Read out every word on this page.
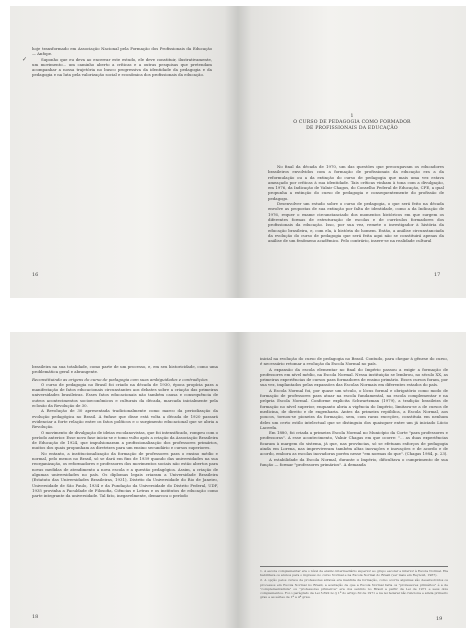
hoje transformado em Associação Nacional pela Formação dos Profissionais da Educação — Anfope.

Suponho que eu deva ao encerrar este estudo, ele deve constituir, ilustrativamente, um movimento... um caminho aberto a críticas e a outras pesquisas que pretendam acompanhar a nossa trajetória no busco progressiva da identidade da pedagogia e da pedagogia e na luta pela valorização social e econômica dos profissionais da educação.

✓
16
1
O CURSO DE PEDAGOGIA COMO FORMADOR
DE PROFISSIONAIS DA EDUCAÇÃO

No final da década de 1970, um das questões que preocupavam os educadores brasileiros envolvidos com a formação de profissionais da educação era a da reformulação ou a da extinção do curso de pedagogia que mais uma vez estava ameaçado por críticas à sua identidade. Tais críticas vinham à tona com a divulgação, em 1976, da Indicação de Valnir Chagos, do Conselho Federal de Educação, CFE, a qual propunha a extinção do curso de pedagogia e consequentemente do profissão de pedagogo.

Desenvolver um estudo sobre o curso de pedagogia, o que será feito na década envolve as propostas de sua extinção por falta de identidade, como a da Indicação de 1976, requer o exame circunstanciado dos momentos históricos em que surgem os diferentes formas de estruturação de escolas e de currículos formadores dos profissionais da educação. Isso, por sua vez, remete o investigador à história da educação brasileira, e, com ela, à história do homem. Então, a análise circunstanciada da evolução do curso de pedagogia que será feita aqui não se constituirá apenas da análise de um fenômeno acadêmico. Pelo contrário, insere-se na realidade cultural

17

brasileira na sua totalidade, como parte de um processo, e, em seu historicidade, como uma problemática geral e abrangente.

Reconstituindo as origens do curso de pedagogia com suas ambiguidades e contradições

O curso de pedagogia no Brasil foi criado na década de 1930, época propícia para a manifestação de fatos educacionais circunstantes aos debates sobre a criação das primeiras universidades brasileiras. Esses fatos educacionais não também causa e consequência de outros acontecimentos socioeconômicos e culturais da década, marcada inicialmente pela eclosão da Revolução de 30.

A Revolução de 30 apresentada tradicionalmente como marco da periodização da evolução pedagógica no Brasil. A ênfase que disse está volta a década de 1920 passará evidenciar a forte relação entre os fatos políticos e o surgimento educacional que se abria a Revolução.

O movimento de divulgação de ideias escolanovistas, que foi intensificado, rompeu com o período anterior. Esse novo fase inicia-se e tomo vulto após a criação da Associação Brasileira de Educação de 1924, que impulsionaram a profissionalização dos professores primários, muitos dos quais propunham as diretrizes para um ensino secundário e cursos superiores.

No entanto, a institucionalização da formação de professores para o ensino médio e normal, pelo menos no Brasil, só se dará em fins de 1939 quando das universidades na sua reorganização, os reformadores e professores dos movimentos sociais não estão abertos para novas medidas de atendimento a nova escola e a questão pedagógica. Assim, a criação de algumas universidades no país. Os diplomas legais criaram a Universidade Brasileira (Estatuto das Universidades Brasileiras, 1931), Distrito da Universidade do Rio de Janeiro, Universidade de São Paulo, 1934 e da Fundação da Universidade do Distrito Federal, UDF, 1935 provinha a Faculdade de Filosofia, Ciências e Letras e os institutos de educação como parte integrante da universidade. Tal fato, inegavelmente, demarcou o período

18

inicial na evolução do curso de pedagogia no Brasil. Contudo, para chegar à gênese do curso, é necessário retomar a evolução da Escola Normal no país.

A expansão da escola elementar no final do Império passou a exigir a formação de professores em nível médio, na Escola Normal. Nessa instituição se lembrou, no século XX, as primeiras experiências de cursos para formadores de ensino primário. Esses cursos foram, por sua vez, implantados pelas expansões das Escolas Normais em diferentes estados do país.

A Escola Normal foi, por quase um século, o lócus formal e obrigatório como modo de formação de professores para atuar na escola fundamental, na escola complementar e na própria Escola Normal. Conforme explicita Schwartzman (1979), a tradição brasileira de formação no nível superior, enquanto abria a vigência do Império, limitava-se a de cursos de medicina, de direito e de engenharia. Antes da primeira república, a Escola Normal, aos poucos, tornou-se pioneira da formação, sem, com raras exceções, constituía em nenhum deles um certo estilo intelectual que se distinguiu dos quaisquer entre um já iniciado Lúcio Lacerda.

Em 1880, foi criada a primeira Escola Normal no Município da Corte "para professores e professoras". A esse acontecimento, Valnir Chagas em que ocorre: "... as duas experiências ficaram à margem do sistema, já que, nas províncias, só se efetuam esforços de pedagogia ainda em Lorena, nas impreviveram também altas inovações e inovações e de acordo e de acordo, embora as escolas inovadoras porém nesse "em normas do que". (Chagas 1984, p. 23).

A estabilidade da Escola Normal, durante o Império, dificultava o cumprimento de sua função — formar "professores primários". A demanda

1. A escola complementar era o nível de ensino intermediário superior ao grupo escolar e inferior à Escola Normal. Ela habilitava os alunos para o ingresso no curso Normal e na Escola Normal do Brasil (ver mais em Reynold, 1967).

2. A opção pelos cursos de professores através era mantida da formação, como ocorre algumas são desenvolvidos os processos em Escola Normal no Brasil, a aceitação de que a Escola Normal faria os "professores primários" é a de "complementarista" ou "professores primeiros" era dos sentido no Brasil a partir da Lei de 1971 e seus dois complementos. Foi o parágrafo da Lei 5.692 no § 1º do artigo 30 de 1971 e na lei federal não funciona e ainda primeiro grau e as séries de 1ª a 4ª grau.

19
